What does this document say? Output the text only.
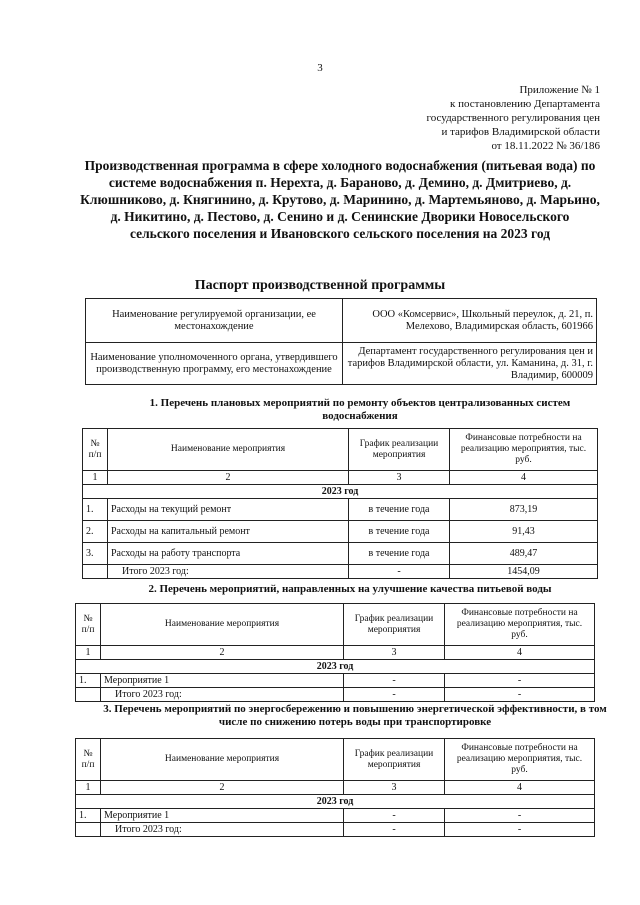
3
Приложение № 1
к постановлению Департамента
государственного регулирования цен
и тарифов Владимирской области
от 18.11.2022 № 36/186
Производственная программа в сфере холодного водоснабжения (питьевая вода) по системе водоснабжения п. Нерехта, д. Бараново, д. Демино, д. Дмитриево, д. Клюшниково, д. Княгинино, д. Крутово, д. Маринино, д. Мартемьяново, д. Марьино, д. Никитино, д. Пестово, д. Сенино и д. Сенинские Дворики Новосельского сельского поселения и Ивановского сельского поселения на 2023 год
Паспорт производственной программы
Наименование регулируемой организации, ее местонахождение	ООО «Комсервис», Школьный переулок, д. 21, п. Мелехово, Владимирская область, 601966
Наименование уполномоченного органа, утвердившего производственную программу, его местонахождение	Департамент государственного регулирования цен и тарифов Владимирской области, ул. Каманина, д. 31, г. Владимир, 600009
1. Перечень плановых мероприятий по ремонту объектов централизованных систем водоснабжения
№ п/п	Наименование мероприятия	График реализации мероприятия	Финансовые потребности на реализацию мероприятия, тыс. руб.
1	2	3	4
2023 год			
1.	Расходы на текущий ремонт	в течение года	873,19
2.	Расходы на капитальный ремонт	в течение года	91,43
3.	Расходы на работу транспорта	в течение года	489,47
	Итого 2023 год:	-	1454,09
2. Перечень мероприятий, направленных на улучшение качества питьевой воды
№ п/п	Наименование мероприятия	График реализации мероприятия	Финансовые потребности на реализацию мероприятия, тыс. руб.
1	2	3	4
2023 год			
1.	Мероприятие 1	-	-
	Итого 2023 год:	-	-
3. Перечень мероприятий по энергосбережению и повышению энергетической эффективности, в том числе по снижению потерь воды при транспортировке
№ п/п	Наименование мероприятия	График реализации мероприятия	Финансовые потребности на реализацию мероприятия, тыс. руб.
1	2	3	4
2023 год			
1.	Мероприятие 1	-	-
	Итого 2023 год:	-	-
